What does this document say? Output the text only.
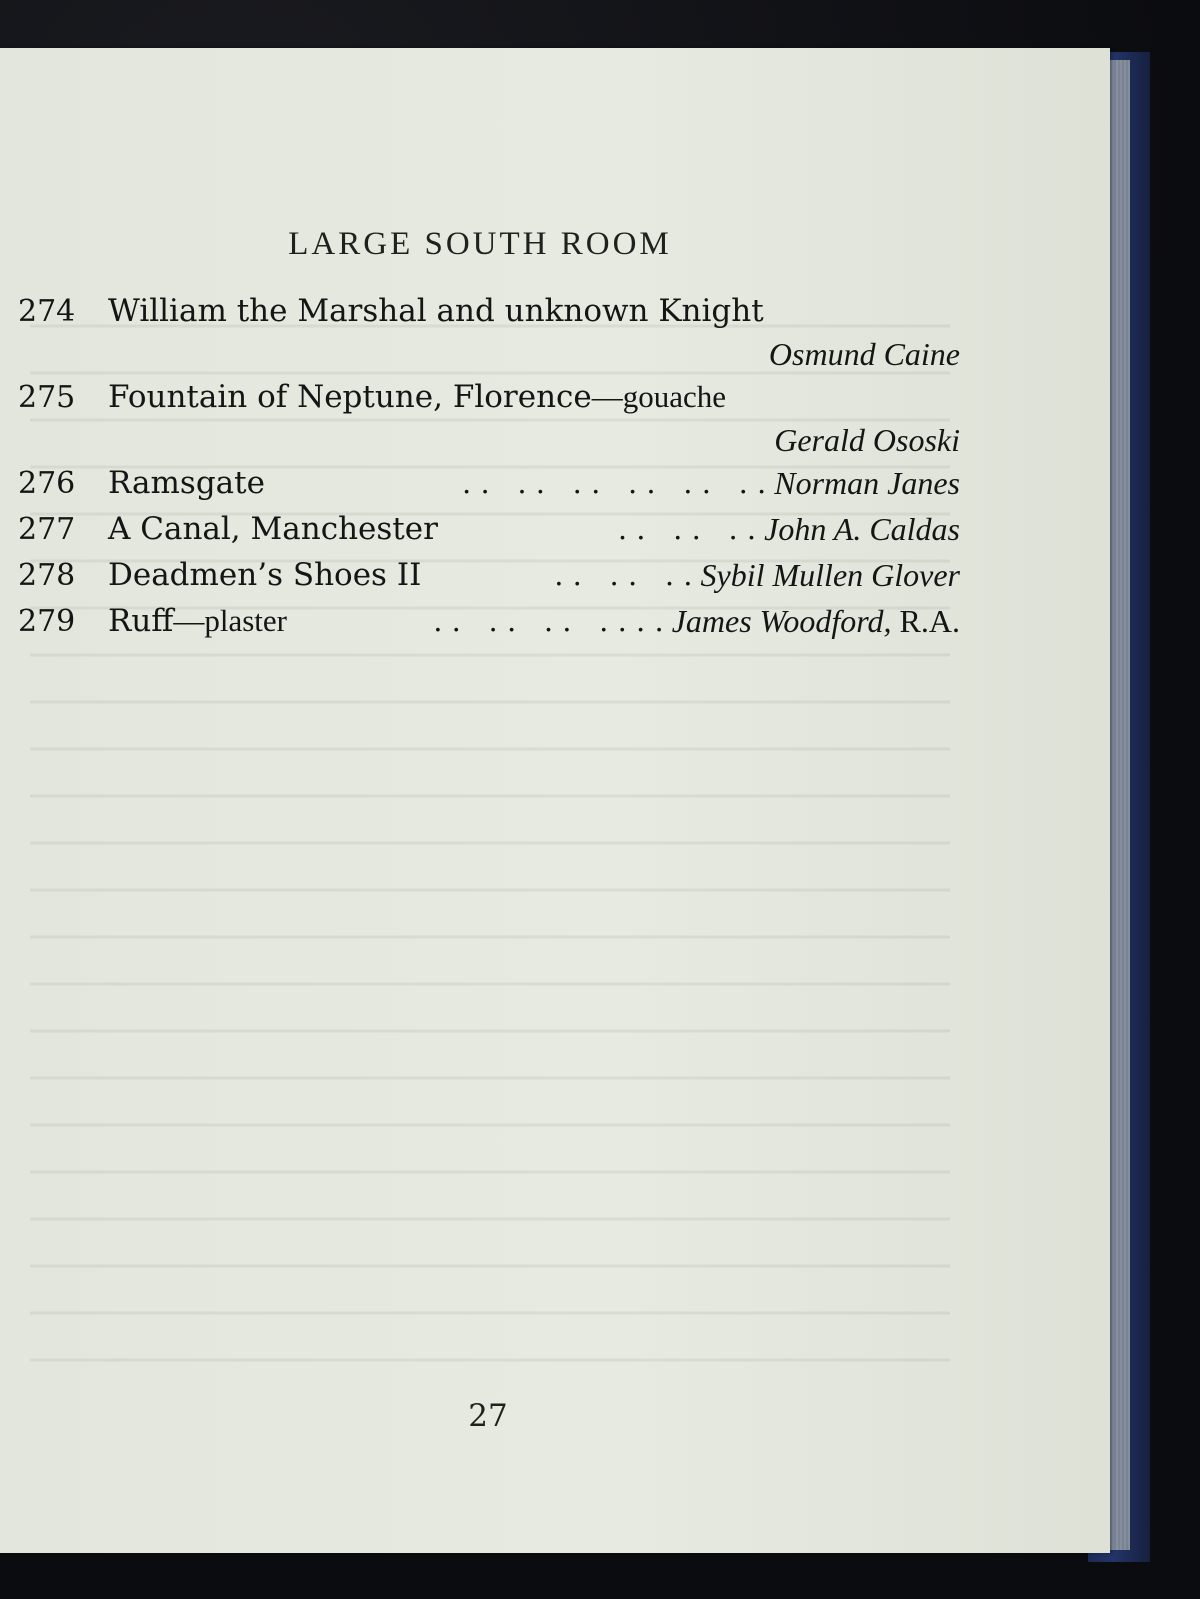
LARGE SOUTH ROOM
274	William the Marshal and unknown Knight
Osmund Caine
275	Fountain of Neptune, Florence —gouache
Gerald Ososki
276	Ramsgate	. .   . .   . .   . .   . .   . . Norman Janes
277	A Canal, Manchester	. .   . .   . . John A. Caldas
278	Deadmen’s Shoes II	. .   . .   . . Sybil Mullen Glover
279	Ruff —plaster	. .   . .   . .   . . . . James Woodford, R.A.
27
